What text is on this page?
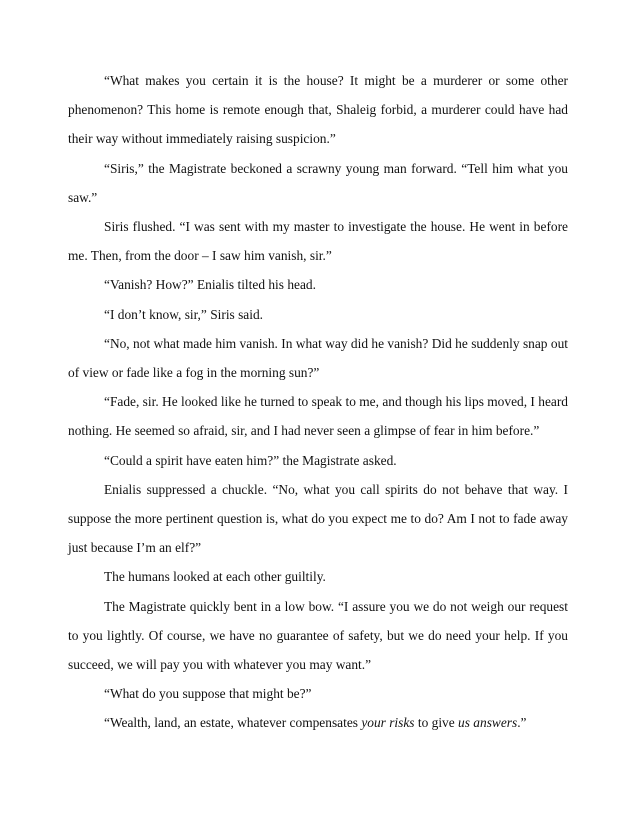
“What makes you certain it is the house? It might be a murderer or some other phenomenon? This home is remote enough that, Shaleig forbid, a murderer could have had their way without immediately raising suspicion.”

“Siris,” the Magistrate beckoned a scrawny young man forward. “Tell him what you saw.”

Siris flushed. “I was sent with my master to investigate the house. He went in before me. Then, from the door – I saw him vanish, sir.”

“Vanish? How?” Enialis tilted his head.

“I don’t know, sir,” Siris said.

“No, not what made him vanish. In what way did he vanish? Did he suddenly snap out of view or fade like a fog in the morning sun?”

“Fade, sir. He looked like he turned to speak to me, and though his lips moved, I heard nothing. He seemed so afraid, sir, and I had never seen a glimpse of fear in him before.”

“Could a spirit have eaten him?” the Magistrate asked.

Enialis suppressed a chuckle. “No, what you call spirits do not behave that way. I suppose the more pertinent question is, what do you expect me to do? Am I not to fade away just because I’m an elf?”

The humans looked at each other guiltily.

The Magistrate quickly bent in a low bow. “I assure you we do not weigh our request to you lightly. Of course, we have no guarantee of safety, but we do need your help. If you succeed, we will pay you with whatever you may want.”

“What do you suppose that might be?”

“Wealth, land, an estate, whatever compensates your risks to give us answers.”
